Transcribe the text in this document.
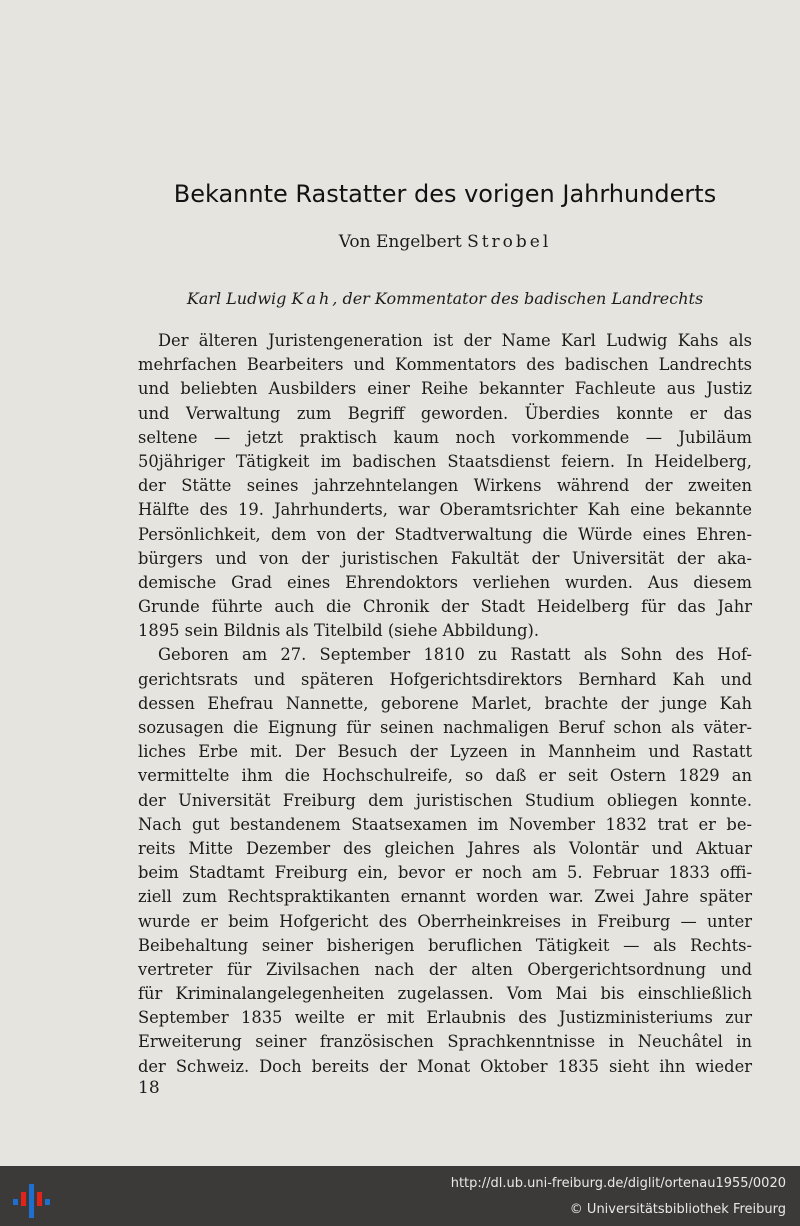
Bekannte Rastatter des vorigen Jahrhunderts
Von Engelbert Strobel
Karl Ludwig Kah, der Kommentator des badischen Landrechts
Der älteren Juristengeneration ist der Name Karl Ludwig Kahs als
mehrfachen Bearbeiters und Kommentators des badischen Landrechts
und beliebten Ausbilders einer Reihe bekannter Fachleute aus Justiz
und Verwaltung zum Begriff geworden. Überdies konnte er das
seltene — jetzt praktisch kaum noch vorkommende — Jubiläum
50jähriger Tätigkeit im badischen Staatsdienst feiern. In Heidelberg,
der Stätte seines jahrzehntelangen Wirkens während der zweiten
Hälfte des 19. Jahrhunderts, war Oberamtsrichter Kah eine bekannte
Persönlichkeit, dem von der Stadtverwaltung die Würde eines Ehren-
bürgers und von der juristischen Fakultät der Universität der aka-
demische Grad eines Ehrendoktors verliehen wurden. Aus diesem
Grunde führte auch die Chronik der Stadt Heidelberg für das Jahr
1895 sein Bildnis als Titelbild (siehe Abbildung).
Geboren am 27. September 1810 zu Rastatt als Sohn des Hof-
gerichtsrats und späteren Hofgerichtsdirektors Bernhard Kah und
dessen Ehefrau Nannette, geborene Marlet, brachte der junge Kah
sozusagen die Eignung für seinen nachmaligen Beruf schon als väter-
liches Erbe mit. Der Besuch der Lyzeen in Mannheim und Rastatt
vermittelte ihm die Hochschulreife, so daß er seit Ostern 1829 an
der Universität Freiburg dem juristischen Studium obliegen konnte.
Nach gut bestandenem Staatsexamen im November 1832 trat er be-
reits Mitte Dezember des gleichen Jahres als Volontär und Aktuar
beim Stadtamt Freiburg ein, bevor er noch am 5. Februar 1833 offi-
ziell zum Rechtspraktikanten ernannt worden war. Zwei Jahre später
wurde er beim Hofgericht des Oberrheinkreises in Freiburg — unter
Beibehaltung seiner bisherigen beruflichen Tätigkeit — als Rechts-
vertreter für Zivilsachen nach der alten Obergerichtsordnung und
für Kriminalangelegenheiten zugelassen. Vom Mai bis einschließlich
September 1835 weilte er mit Erlaubnis des Justizministeriums zur
Erweiterung seiner französischen Sprachkenntnisse in Neuchâtel in
der Schweiz. Doch bereits der Monat Oktober 1835 sieht ihn wieder
18
http://dl.ub.uni-freiburg.de/diglit/ortenau1955/0020
© Universitätsbibliothek Freiburg
